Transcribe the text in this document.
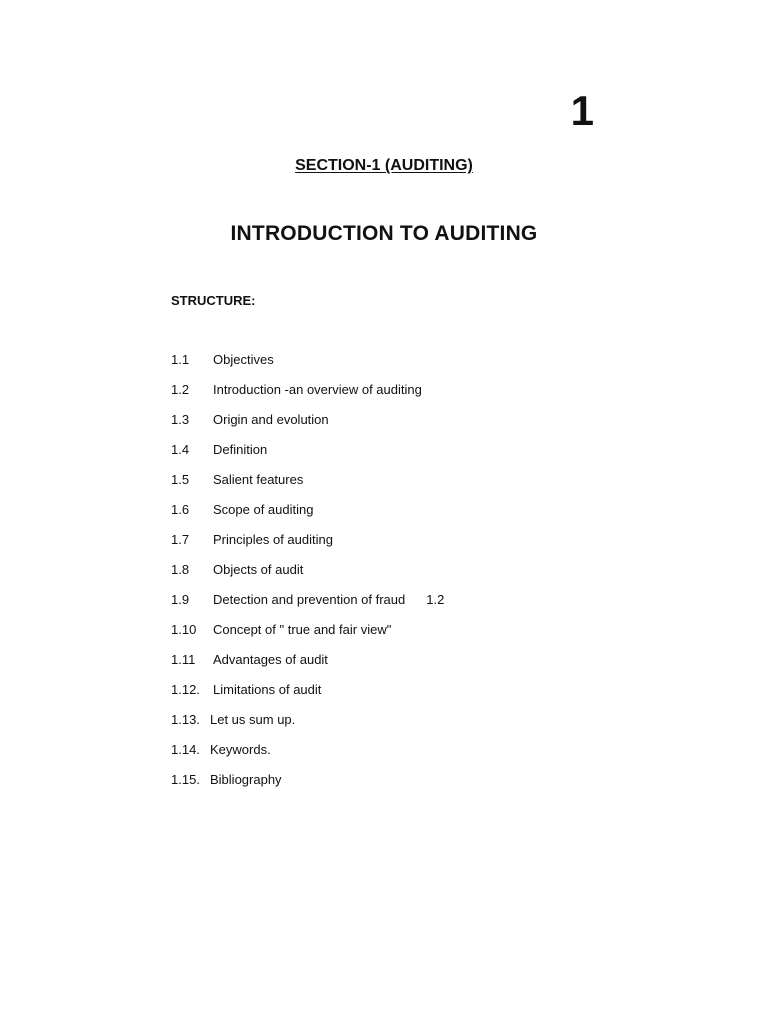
1
SECTION-1 (AUDITING)
INTRODUCTION TO AUDITING
STRUCTURE:
1.1 Objectives
1.2 Introduction -an overview of auditing
1.3 Origin and evolution
1.4 Definition
1.5 Salient features
1.6 Scope of auditing
1.7 Principles of auditing
1.8 Objects of audit
1.9 Detection and prevention of fraud 1.2
1.10 Concept of " true and fair view"
1.11 Advantages of audit
1.12. Limitations of audit
1.13. Let us sum up.
1.14. Keywords.
1.15. Bibliography
